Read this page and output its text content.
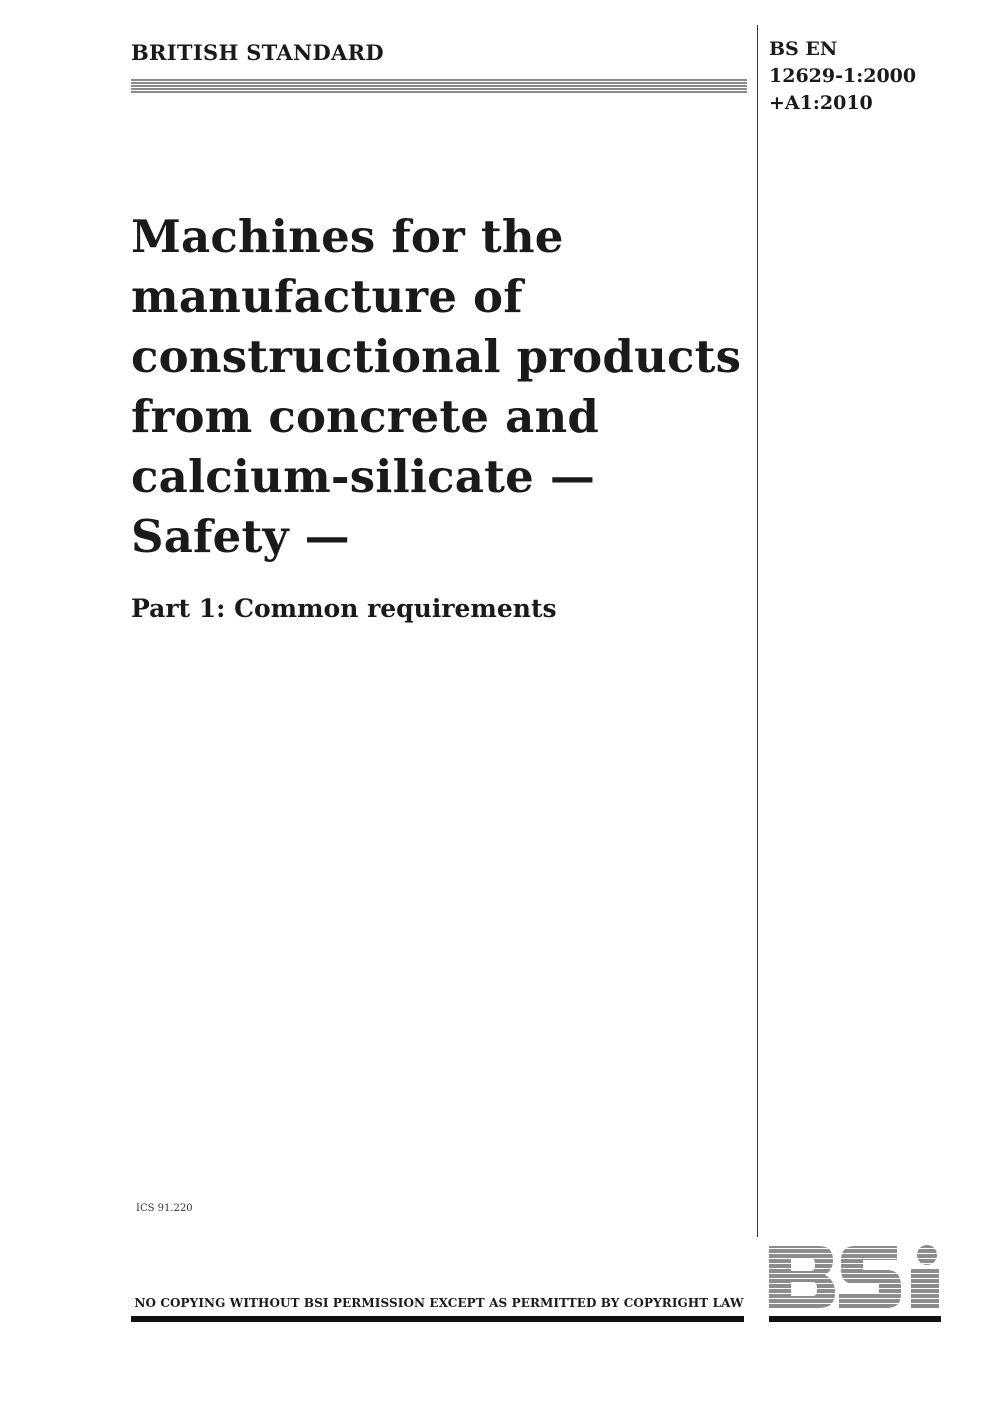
BRITISH STANDARD	BS EN
12629-1:2000
+A1:2010
Machines for the
manufacture of
constructional products
from concrete and
calcium-silicate —
Safety —
Part 1: Common requirements
ICS 91.220
NO COPYING WITHOUT BSI PERMISSION EXCEPT AS PERMITTED BY COPYRIGHT LAW
